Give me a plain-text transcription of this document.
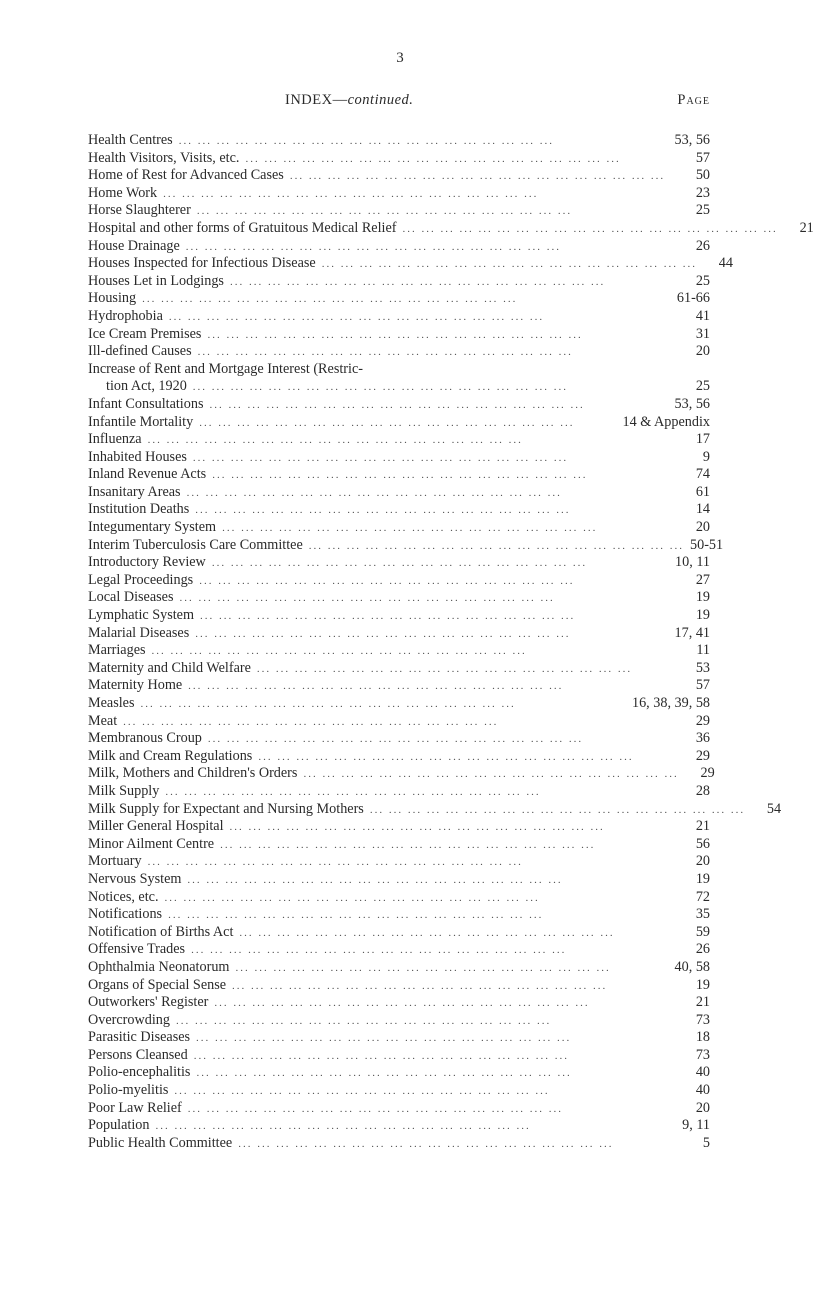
3
INDEX—continued.	Page
Health Centres ... ... ... ... ... ... ... ... ... ... ... ... ... ... ... ... ... ... ... ...	53, 56
Health Visitors, Visits, etc. ... ... ... ... ... ... ... ... ... ... ... ... ... ... ... ... ... ... ... ...	57
Home of Rest for Advanced Cases ... ... ... ... ... ... ... ... ... ... ... ... ... ... ... ... ... ... ... ...	50
Home Work ... ... ... ... ... ... ... ... ... ... ... ... ... ... ... ... ... ... ... ...	23
Horse Slaughterer ... ... ... ... ... ... ... ... ... ... ... ... ... ... ... ... ... ... ... ...	25
Hospital and other forms of Gratuitous Medical Relief ... ... ... ... ... ... ... ... ... ... ... ... ... ... ... ... ... ... ... ...	21
House Drainage ... ... ... ... ... ... ... ... ... ... ... ... ... ... ... ... ... ... ... ...	26
Houses Inspected for Infectious Disease ... ... ... ... ... ... ... ... ... ... ... ... ... ... ... ... ... ... ... ...	44
Houses Let in Lodgings ... ... ... ... ... ... ... ... ... ... ... ... ... ... ... ... ... ... ... ...	25
Housing ... ... ... ... ... ... ... ... ... ... ... ... ... ... ... ... ... ... ... ...	61-66
Hydrophobia ... ... ... ... ... ... ... ... ... ... ... ... ... ... ... ... ... ... ... ...	41
Ice Cream Premises ... ... ... ... ... ... ... ... ... ... ... ... ... ... ... ... ... ... ... ...	31
Ill-defined Causes ... ... ... ... ... ... ... ... ... ... ... ... ... ... ... ... ... ... ... ...	20
Increase of Rent and Mortgage Interest (Restric-
tion Act, 1920 ... ... ... ... ... ... ... ... ... ... ... ... ... ... ... ... ... ... ... ...	25
Infant Consultations ... ... ... ... ... ... ... ... ... ... ... ... ... ... ... ... ... ... ... ...	53, 56
Infantile Mortality ... ... ... ... ... ... ... ... ... ... ... ... ... ... ... ... ... ... ... ...	14 & Appendix
Influenza ... ... ... ... ... ... ... ... ... ... ... ... ... ... ... ... ... ... ... ...	17
Inhabited Houses ... ... ... ... ... ... ... ... ... ... ... ... ... ... ... ... ... ... ... ...	9
Inland Revenue Acts ... ... ... ... ... ... ... ... ... ... ... ... ... ... ... ... ... ... ... ...	74
Insanitary Areas ... ... ... ... ... ... ... ... ... ... ... ... ... ... ... ... ... ... ... ...	61
Institution Deaths ... ... ... ... ... ... ... ... ... ... ... ... ... ... ... ... ... ... ... ...	14
Integumentary System ... ... ... ... ... ... ... ... ... ... ... ... ... ... ... ... ... ... ... ...	20
Interim Tuberculosis Care Committee ... ... ... ... ... ... ... ... ... ... ... ... ... ... ... ... ... ... ... ... 50-51
Introductory Review ... ... ... ... ... ... ... ... ... ... ... ... ... ... ... ... ... ... ... ...	10, 11
Legal Proceedings ... ... ... ... ... ... ... ... ... ... ... ... ... ... ... ... ... ... ... ...	27
Local Diseases ... ... ... ... ... ... ... ... ... ... ... ... ... ... ... ... ... ... ... ...	19
Lymphatic System ... ... ... ... ... ... ... ... ... ... ... ... ... ... ... ... ... ... ... ...	19
Malarial Diseases ... ... ... ... ... ... ... ... ... ... ... ... ... ... ... ... ... ... ... ...	17, 41
Marriages ... ... ... ... ... ... ... ... ... ... ... ... ... ... ... ... ... ... ... ...	11
Maternity and Child Welfare ... ... ... ... ... ... ... ... ... ... ... ... ... ... ... ... ... ... ... ...	53
Maternity Home ... ... ... ... ... ... ... ... ... ... ... ... ... ... ... ... ... ... ... ...	57
Measles ... ... ... ... ... ... ... ... ... ... ... ... ... ... ... ... ... ... ... ...	16, 38, 39, 58
Meat ... ... ... ... ... ... ... ... ... ... ... ... ... ... ... ... ... ... ... ...	29
Membranous Croup ... ... ... ... ... ... ... ... ... ... ... ... ... ... ... ... ... ... ... ...	36
Milk and Cream Regulations ... ... ... ... ... ... ... ... ... ... ... ... ... ... ... ... ... ... ... ...	29
Milk, Mothers and Children's Orders ... ... ... ... ... ... ... ... ... ... ... ... ... ... ... ... ... ... ... ...	29
Milk Supply ... ... ... ... ... ... ... ... ... ... ... ... ... ... ... ... ... ... ... ...	28
Milk Supply for Expectant and Nursing Mothers ... ... ... ... ... ... ... ... ... ... ... ... ... ... ... ... ... ... ... ...	54
Miller General Hospital ... ... ... ... ... ... ... ... ... ... ... ... ... ... ... ... ... ... ... ...	21
Minor Ailment Centre ... ... ... ... ... ... ... ... ... ... ... ... ... ... ... ... ... ... ... ...	56
Mortuary ... ... ... ... ... ... ... ... ... ... ... ... ... ... ... ... ... ... ... ...	20
Nervous System ... ... ... ... ... ... ... ... ... ... ... ... ... ... ... ... ... ... ... ...	19
Notices, etc. ... ... ... ... ... ... ... ... ... ... ... ... ... ... ... ... ... ... ... ...	72
Notifications ... ... ... ... ... ... ... ... ... ... ... ... ... ... ... ... ... ... ... ...	35
Notification of Births Act ... ... ... ... ... ... ... ... ... ... ... ... ... ... ... ... ... ... ... ...	59
Offensive Trades ... ... ... ... ... ... ... ... ... ... ... ... ... ... ... ... ... ... ... ...	26
Ophthalmia Neonatorum ... ... ... ... ... ... ... ... ... ... ... ... ... ... ... ... ... ... ... ...	40, 58
Organs of Special Sense ... ... ... ... ... ... ... ... ... ... ... ... ... ... ... ... ... ... ... ...	19
Outworkers' Register ... ... ... ... ... ... ... ... ... ... ... ... ... ... ... ... ... ... ... ...	21
Overcrowding ... ... ... ... ... ... ... ... ... ... ... ... ... ... ... ... ... ... ... ...	73
Parasitic Diseases ... ... ... ... ... ... ... ... ... ... ... ... ... ... ... ... ... ... ... ...	18
Persons Cleansed ... ... ... ... ... ... ... ... ... ... ... ... ... ... ... ... ... ... ... ...	73
Polio-encephalitis ... ... ... ... ... ... ... ... ... ... ... ... ... ... ... ... ... ... ... ...	40
Polio-myelitis ... ... ... ... ... ... ... ... ... ... ... ... ... ... ... ... ... ... ... ...	40
Poor Law Relief ... ... ... ... ... ... ... ... ... ... ... ... ... ... ... ... ... ... ... ...	20
Population ... ... ... ... ... ... ... ... ... ... ... ... ... ... ... ... ... ... ... ...	9, 11
Public Health Committee ... ... ... ... ... ... ... ... ... ... ... ... ... ... ... ... ... ... ... ...	5
